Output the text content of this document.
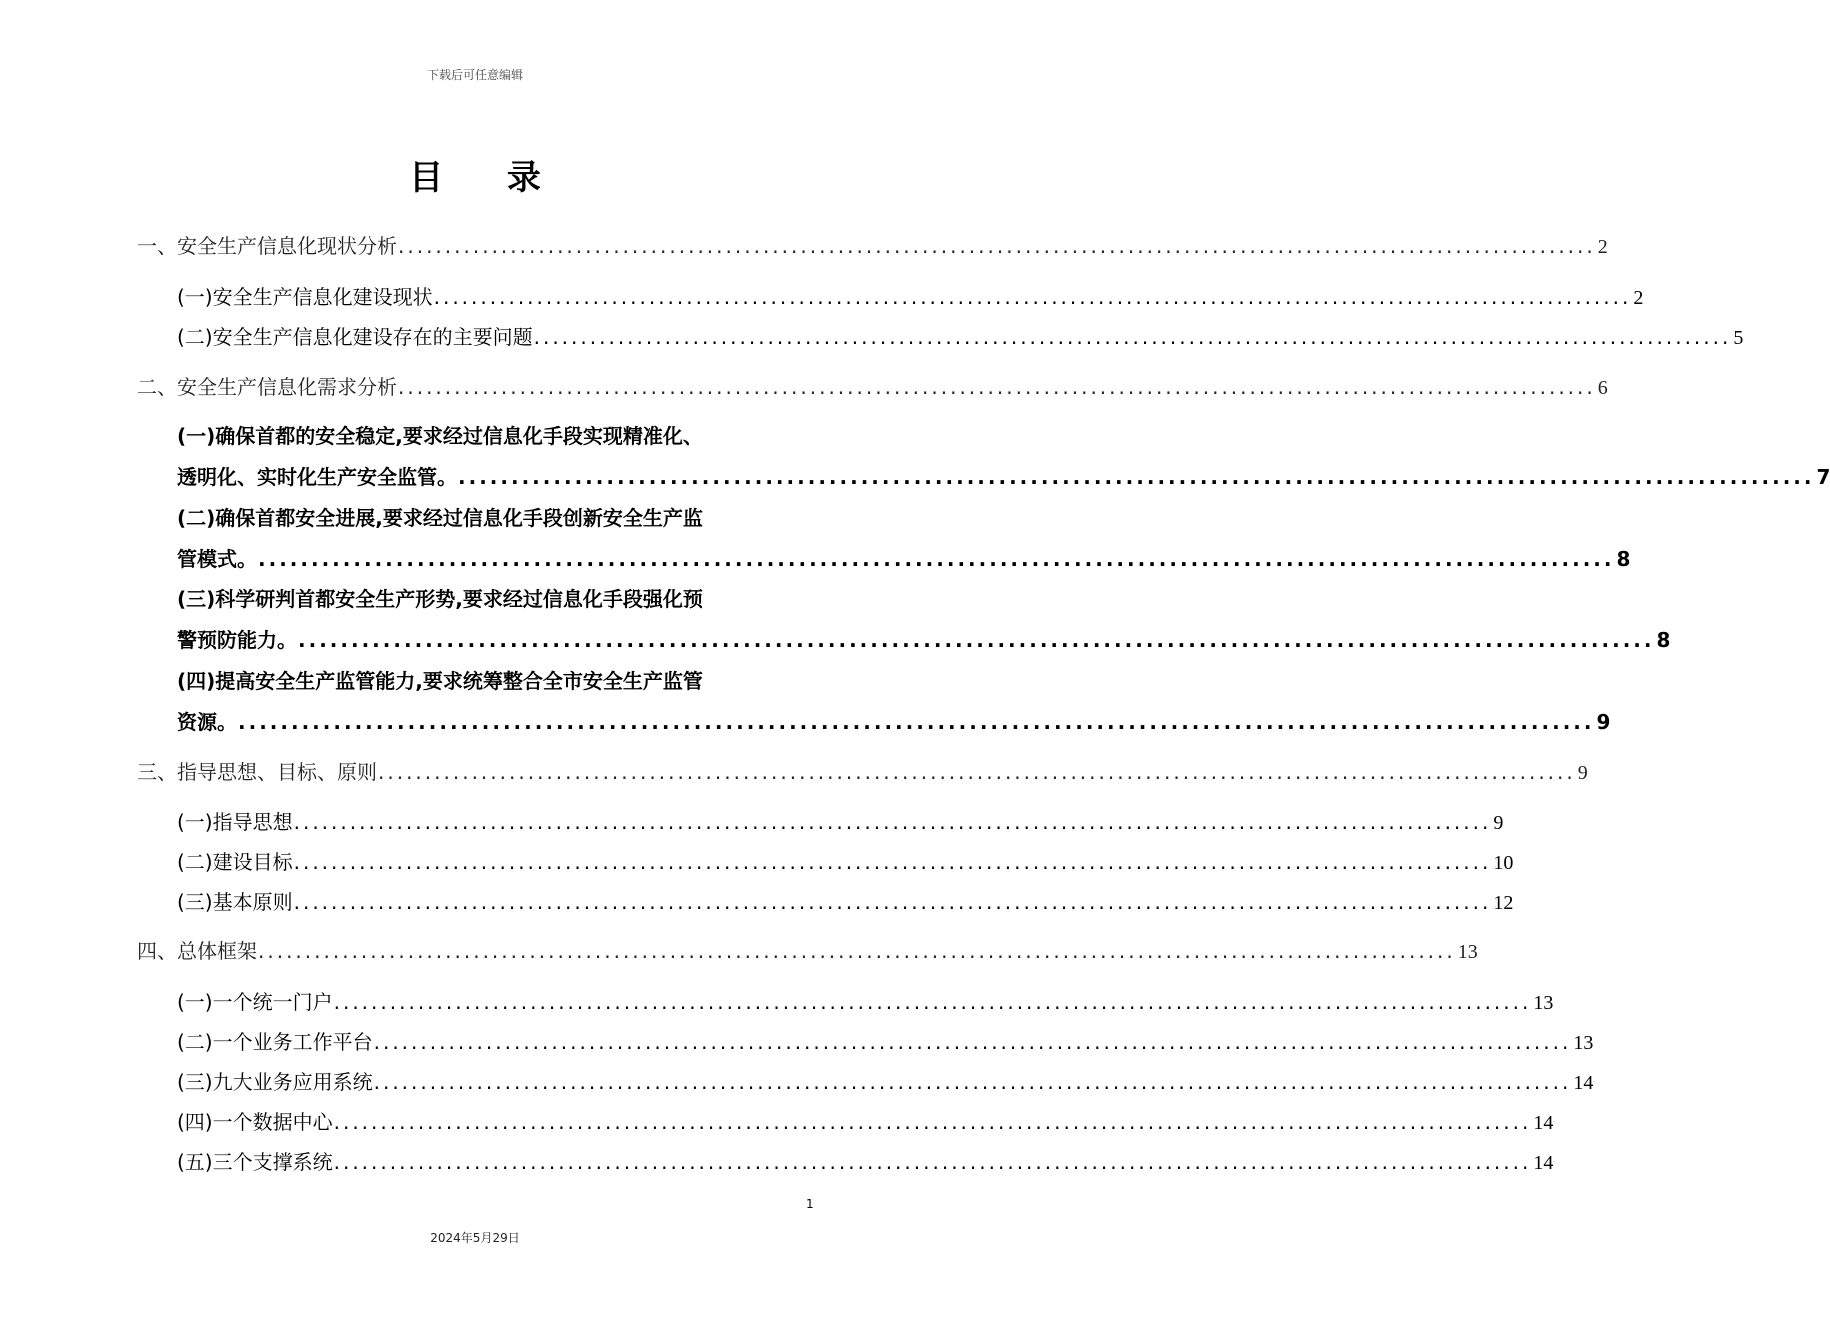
下载后可任意编辑
目 录
一、安全生产信息化现状分析 ................................................................................................................................ 2
(一)安全生产信息化建设现状 ................................................................................................................................ 2
(二)安全生产信息化建设存在的主要问题 ................................................................................................................................ 5
二、安全生产信息化需求分析 ................................................................................................................................ 6
(一)确保首都的安全稳定,要求经过信息化手段实现精准化、
透明化、实时化生产安全监管。 ................................................................................................................................ 7
(二)确保首都安全进展,要求经过信息化手段创新安全生产监
管模式。 ................................................................................................................................ 8
(三)科学研判首都安全生产形势,要求经过信息化手段强化预
警预防能力。 ................................................................................................................................ 8
(四)提高安全生产监管能力,要求统筹整合全市安全生产监管
资源。 ................................................................................................................................ 9
三、指导思想、目标、原则 ................................................................................................................................ 9
(一)指导思想 ................................................................................................................................ 9
(二)建设目标 ................................................................................................................................ 10
(三)基本原则 ................................................................................................................................ 12
四、总体框架 ................................................................................................................................ 13
(一)一个统一门户 ................................................................................................................................ 13
(二)一个业务工作平台 ................................................................................................................................ 13
(三)九大业务应用系统 ................................................................................................................................ 14
(四)一个数据中心 ................................................................................................................................ 14
(五)三个支撑系统 ................................................................................................................................ 14
1
2024年5月29日
